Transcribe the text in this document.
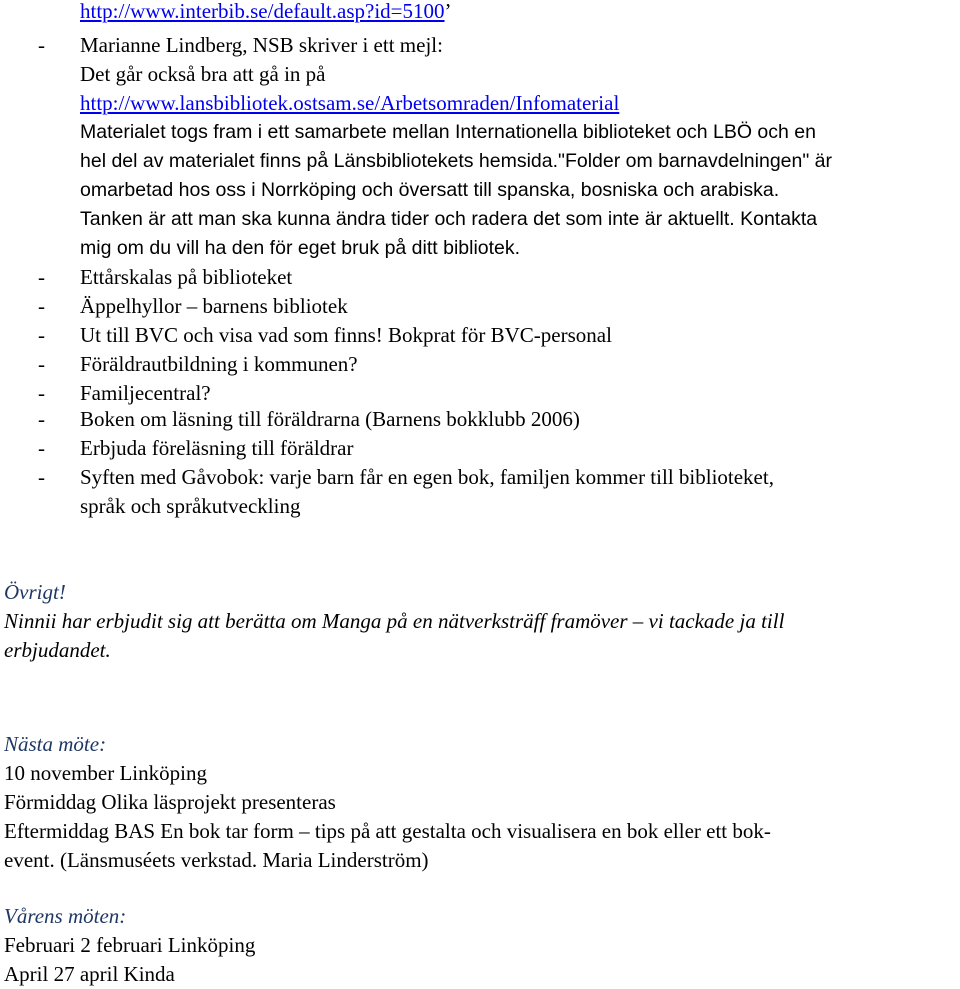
http://www.interbib.se/default.asp?id=5100’
- Marianne Lindberg, NSB skriver i ett mejl:
Det går också bra att gå in på
http://www.lansbibliotek.ostsam.se/Arbetsomraden/Infomaterial
Materialet togs fram i ett samarbete mellan Internationella biblioteket och LBÖ och en
hel del av materialet finns på Länsbibliotekets hemsida."Folder om barnavdelningen" är
omarbetad hos oss i Norrköping och översatt till spanska, bosniska och arabiska.
Tanken är att man ska kunna ändra tider och radera det som inte är aktuellt. Kontakta
mig om du vill ha den för eget bruk på ditt bibliotek.
- Ettårskalas på biblioteket
- Äppelhyllor – barnens bibliotek
- Ut till BVC och visa vad som finns! Bokprat för BVC-personal
- Föräldrautbildning i kommunen?
- Familjecentral?
- Boken om läsning till föräldrarna (Barnens bokklubb 2006)
- Erbjuda föreläsning till föräldrar
- Syften med Gåvobok: varje barn får en egen bok, familjen kommer till biblioteket,
språk och språkutveckling
Övrigt!
Ninnii har erbjudit sig att berätta om Manga på en nätverksträff framöver – vi tackade ja till
erbjudandet.
Nästa möte:
10 november Linköping
Förmiddag Olika läsprojekt presenteras
Eftermiddag BAS En bok tar form – tips på att gestalta och visualisera en bok eller ett bok-
event. (Länsmuséets verkstad. Maria Linderström)
Vårens möten:
Februari 2 februari Linköping
April 27 april Kinda
